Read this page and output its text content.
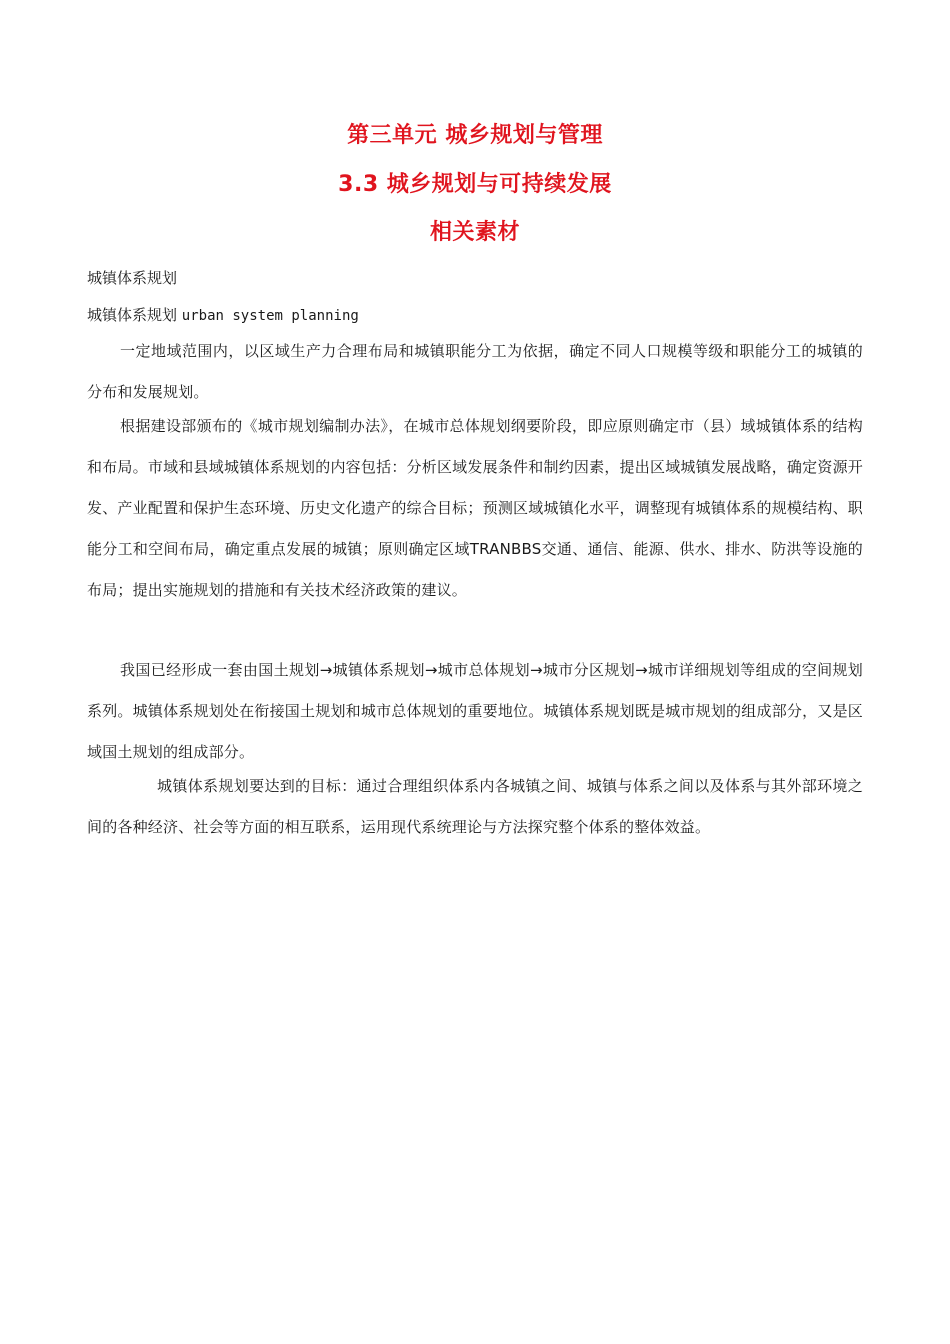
第三单元 城乡规划与管理
3.3 城乡规划与可持续发展
相关素材
城镇体系规划
城镇体系规划 urban system planning

一定地域范围内，以区域生产力合理布局和城镇职能分工为依据，确定不同人口规模等级和职能分工的城镇的分布和发展规划。

根据建设部颁布的《城市规划编制办法》，在城市总体规划纲要阶段，即应原则确定市（县）域城镇体系的结构和布局。市域和县域城镇体系规划的内容包括：分析区域发展条件和制约因素，提出区域城镇发展战略，确定资源开发、产业配置和保护生态环境、历史文化遗产的综合目标；预测区域城镇化水平，调整现有城镇体系的规模结构、职能分工和空间布局，确定重点发展的城镇；原则确定区域TRANBBS交通、通信、能源、供水、排水、防洪等设施的布局；提出实施规划的措施和有关技术经济政策的建议。

我国已经形成一套由国土规划→城镇体系规划→城市总体规划→城市分区规划→城市详细规划等组成的空间规划系列。城镇体系规划处在衔接国土规划和城市总体规划的重要地位。城镇体系规划既是城市规划的组成部分，又是区域国土规划的组成部分。

城镇体系规划要达到的目标：通过合理组织体系内各城镇之间、城镇与体系之间以及体系与其外部环境之间的各种经济、社会等方面的相互联系，运用现代系统理论与方法探究整个体系的整体效益。
